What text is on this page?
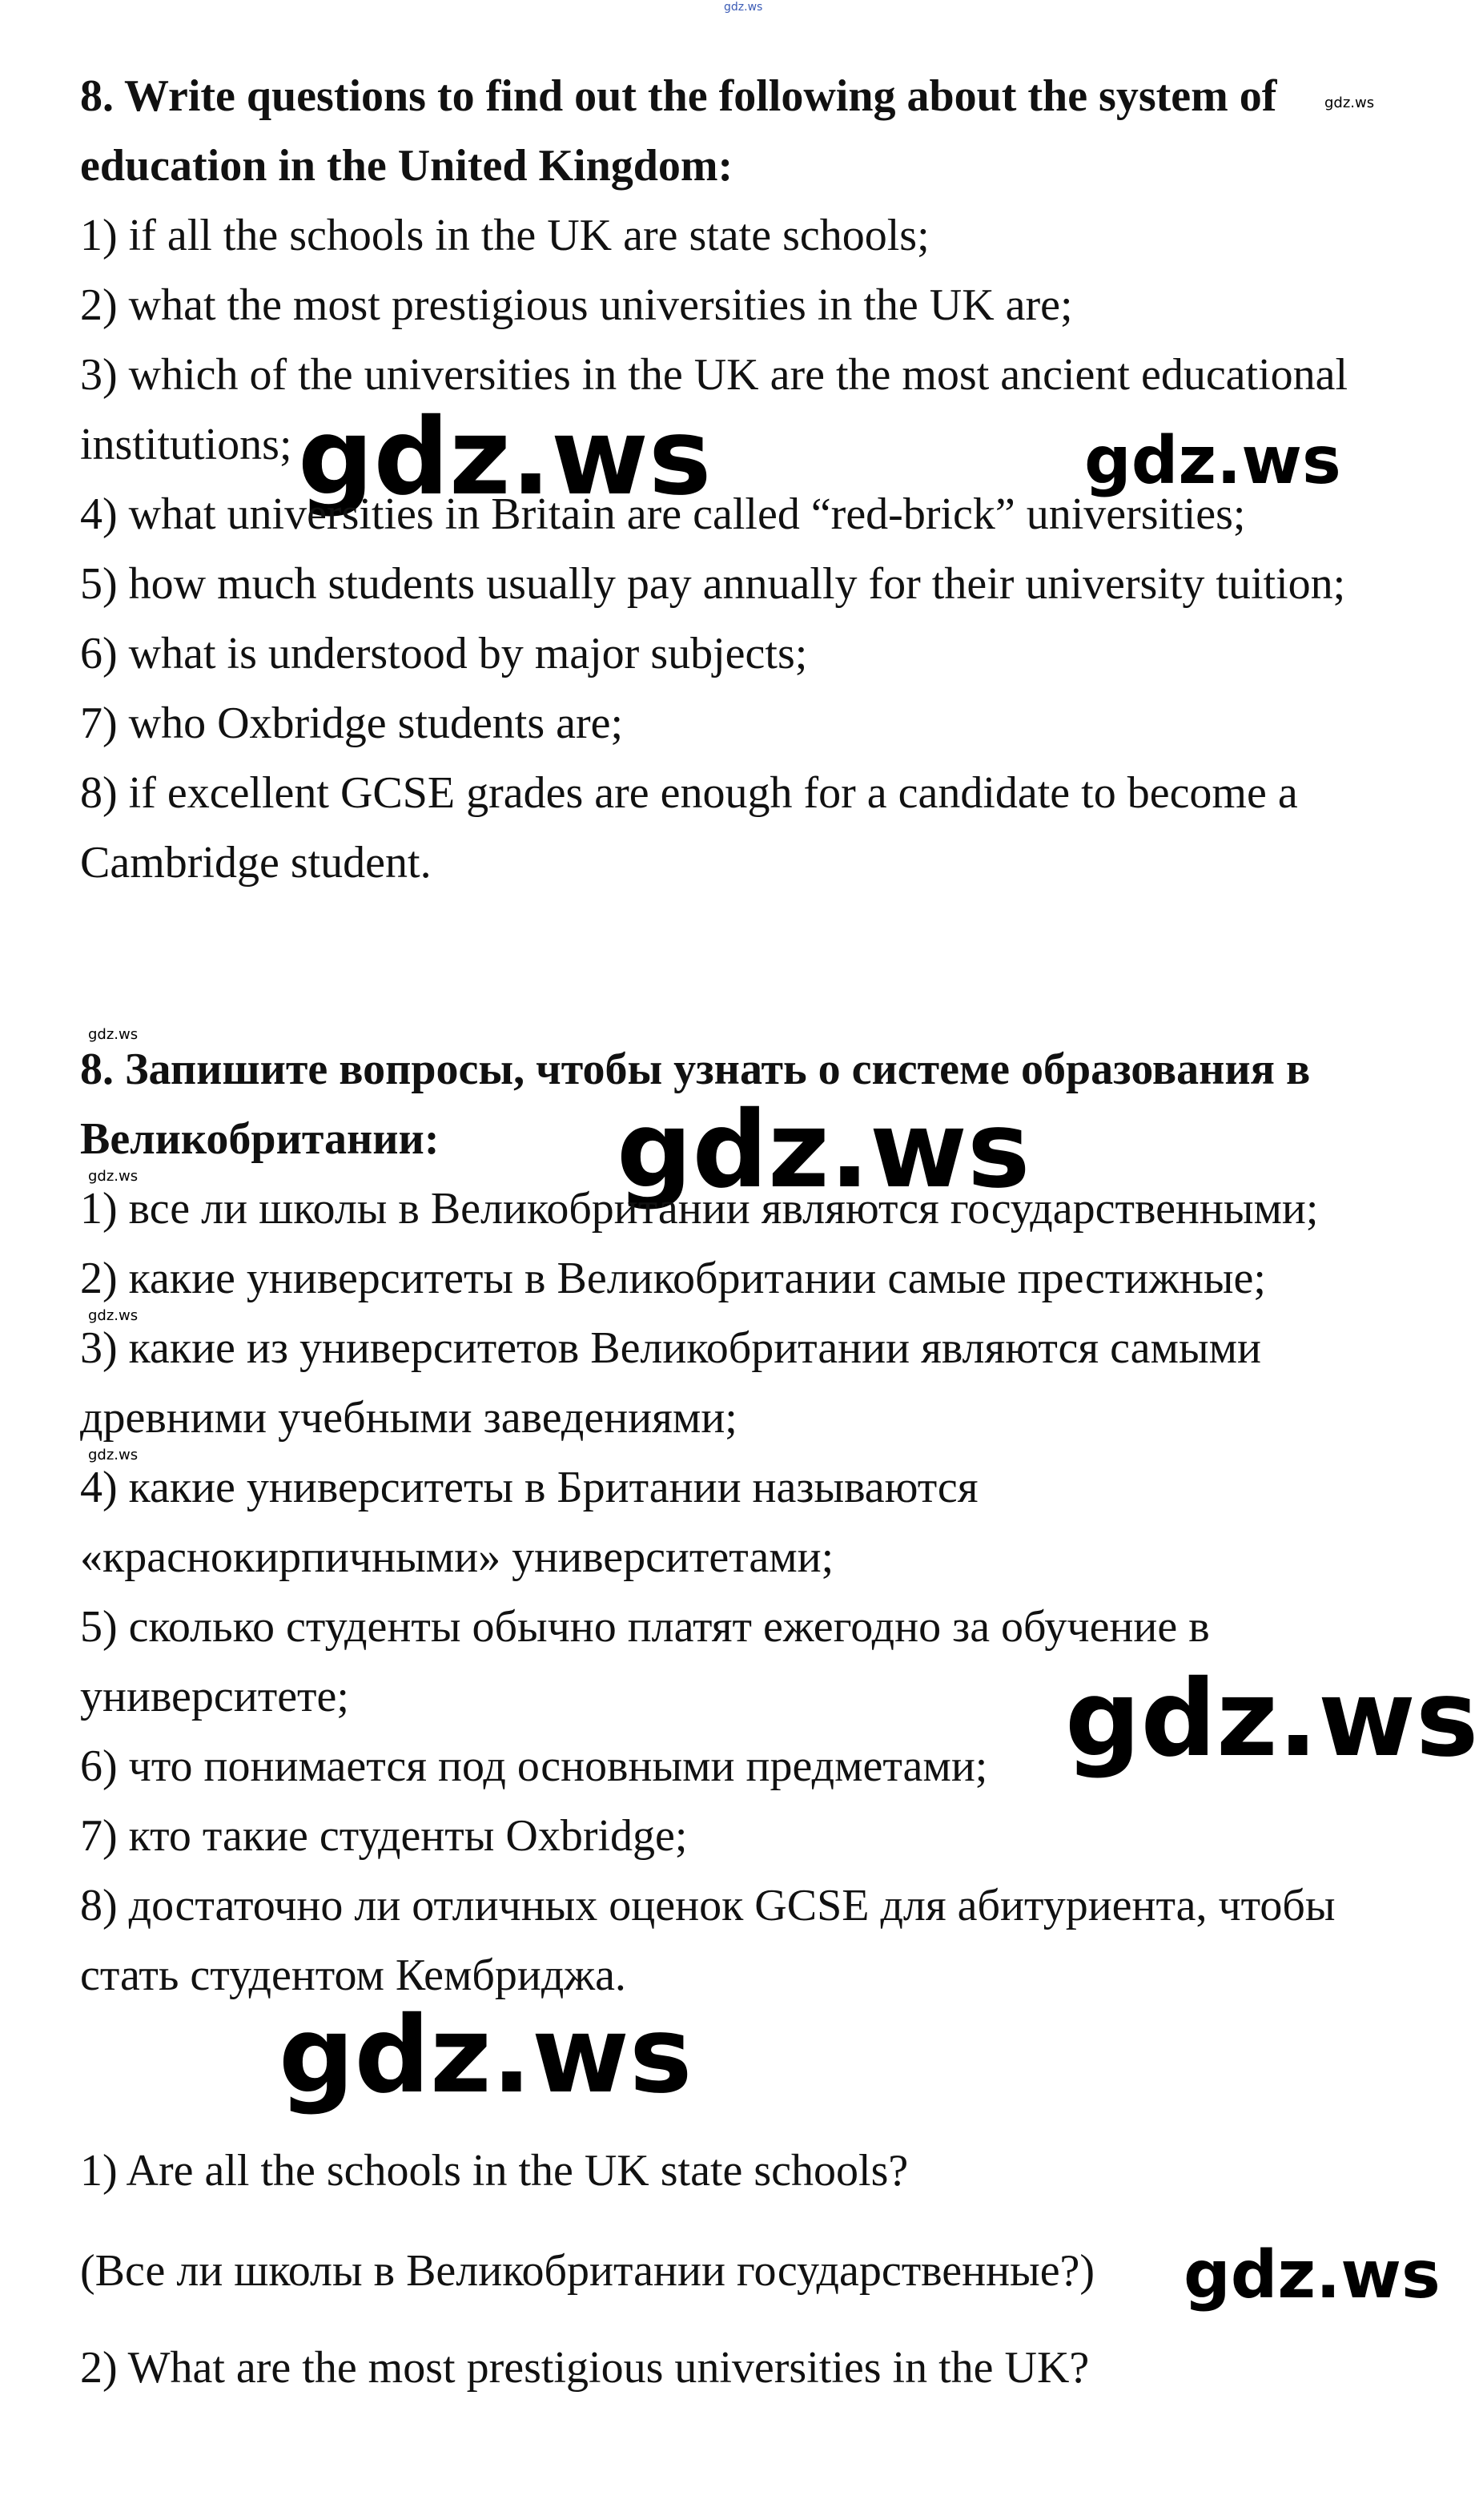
gdz.ws

8. Write questions to find out the following about the system of	gdz.ws

education in the United Kingdom:

1) if all the schools in the UK are state schools;

2) what the most prestigious universities in the UK are;

3) which of the universities in the UK are the most ancient educational

institutions; gdz.ws	gdz.ws

4) what universities in Britain are called “red-brick” universities;

5) how much students usually pay annually for their university tuition;

6) what is understood by major subjects;

7) who Oxbridge students are;

8) if excellent GCSE grades are enough for a candidate to become a

Cambridge student.

gdz.ws

8. Запишите вопросы, чтобы узнать о системе образования в

Великобритании: gdz.ws
gdz.ws

1) все ли школы в Великобритании являются государственными;

2) какие университеты в Великобритании самые престижные;

gdz.ws

3) какие из университетов Великобритании являются самыми

древними учебными заведениями;

gdz.ws

4) какие университеты в Британии называются

«краснокирпичными» университетами;

5) сколько студенты обычно платят ежегодно за обучение в

университете;	gdz.ws

6) что понимается под основными предметами;

7) кто такие студенты Oxbridge;

8) достаточно ли отличных оценок GCSE для абитуриента, чтобы

стать студентом Кембриджа.

gdz.ws

1) Are all the schools in the UK state schools?

(Все ли школы в Великобритании государственные?) gdz.ws

2) What are the most prestigious universities in the UK?
